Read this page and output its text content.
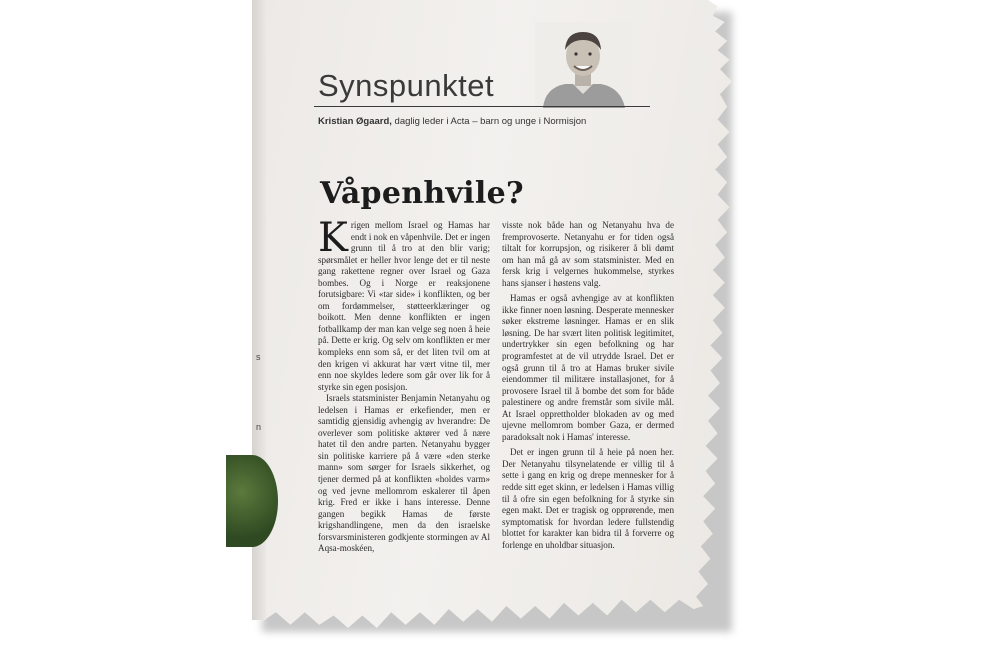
s
n
Synspunktet
Kristian Øgaard, daglig leder i Acta – barn og unge i Normisjon
Våpenhvile?

Krigen mellom Israel og Hamas har endt i nok en våpenhvile. Det er ingen grunn til å tro at den blir varig; spørsmålet er heller hvor lenge det er til neste gang rakettene regner over Israel og Gaza bombes. Og i Norge er reaksjonene forutsigbare: Vi «tar side» i konflikten, og ber om fordømmelser, støtteerklæringer og boikott. Men denne konflikten er ingen fotballkamp der man kan velge seg noen å heie på. Dette er krig. Og selv om konflikten er mer kompleks enn som så, er det liten tvil om at den krigen vi akkurat har vært vitne til, mer enn noe skyldes ledere som går over lik for å styrke sin egen posisjon.

Israels statsminister Benjamin Netanyahu og ledelsen i Hamas er erkefiender, men er samtidig gjensidig avhengig av hverandre: De overlever som politiske aktører ved å nære hatet til den andre parten. Netanyahu bygger sin politiske karriere på å være «den sterke mann» som sørger for Israels sikkerhet, og tjener dermed på at konflikten «holdes varm» og ved jevne mellomrom eskalerer til åpen krig. Fred er ikke i hans interesse. Denne gangen begikk Hamas de første krigshandlingene, men da den israelske forsvarsministeren godkjente stormingen av Al Aqsa-moskéen,

visste nok både han og Netanyahu hva de fremprovoserte. Netanyahu er for tiden også tiltalt for korrupsjon, og risikerer å bli dømt om han må gå av som statsminister. Med en fersk krig i velgernes hukommelse, styrkes hans sjanser i høstens valg.

Hamas er også avhengige av at konflikten ikke finner noen løsning. Desperate mennesker søker ekstreme løsninger. Hamas er en slik løsning. De har svært liten politisk legitimitet, undertrykker sin egen befolkning og har programfestet at de vil utrydde Israel. Det er også grunn til å tro at Hamas bruker sivile eiendommer til militære installasjonet, for å provosere Israel til å bombe det som for både palestinere og andre fremstår som sivile mål. At Israel opprettholder blokaden av og med ujevne mellomrom bomber Gaza, er dermed paradoksalt nok i Hamas' interesse.

Det er ingen grunn til å heie på noen her. Der Netanyahu tilsynelatende er villig til å sette i gang en krig og drepe mennesker for å redde sitt eget skinn, er ledelsen i Hamas villig til å ofre sin egen befolkning for å styrke sin egen makt. Det er tragisk og opprørende, men symptomatisk for hvordan ledere fullstendig blottet for karakter kan bidra til å forverre og forlenge en uholdbar situasjon.
